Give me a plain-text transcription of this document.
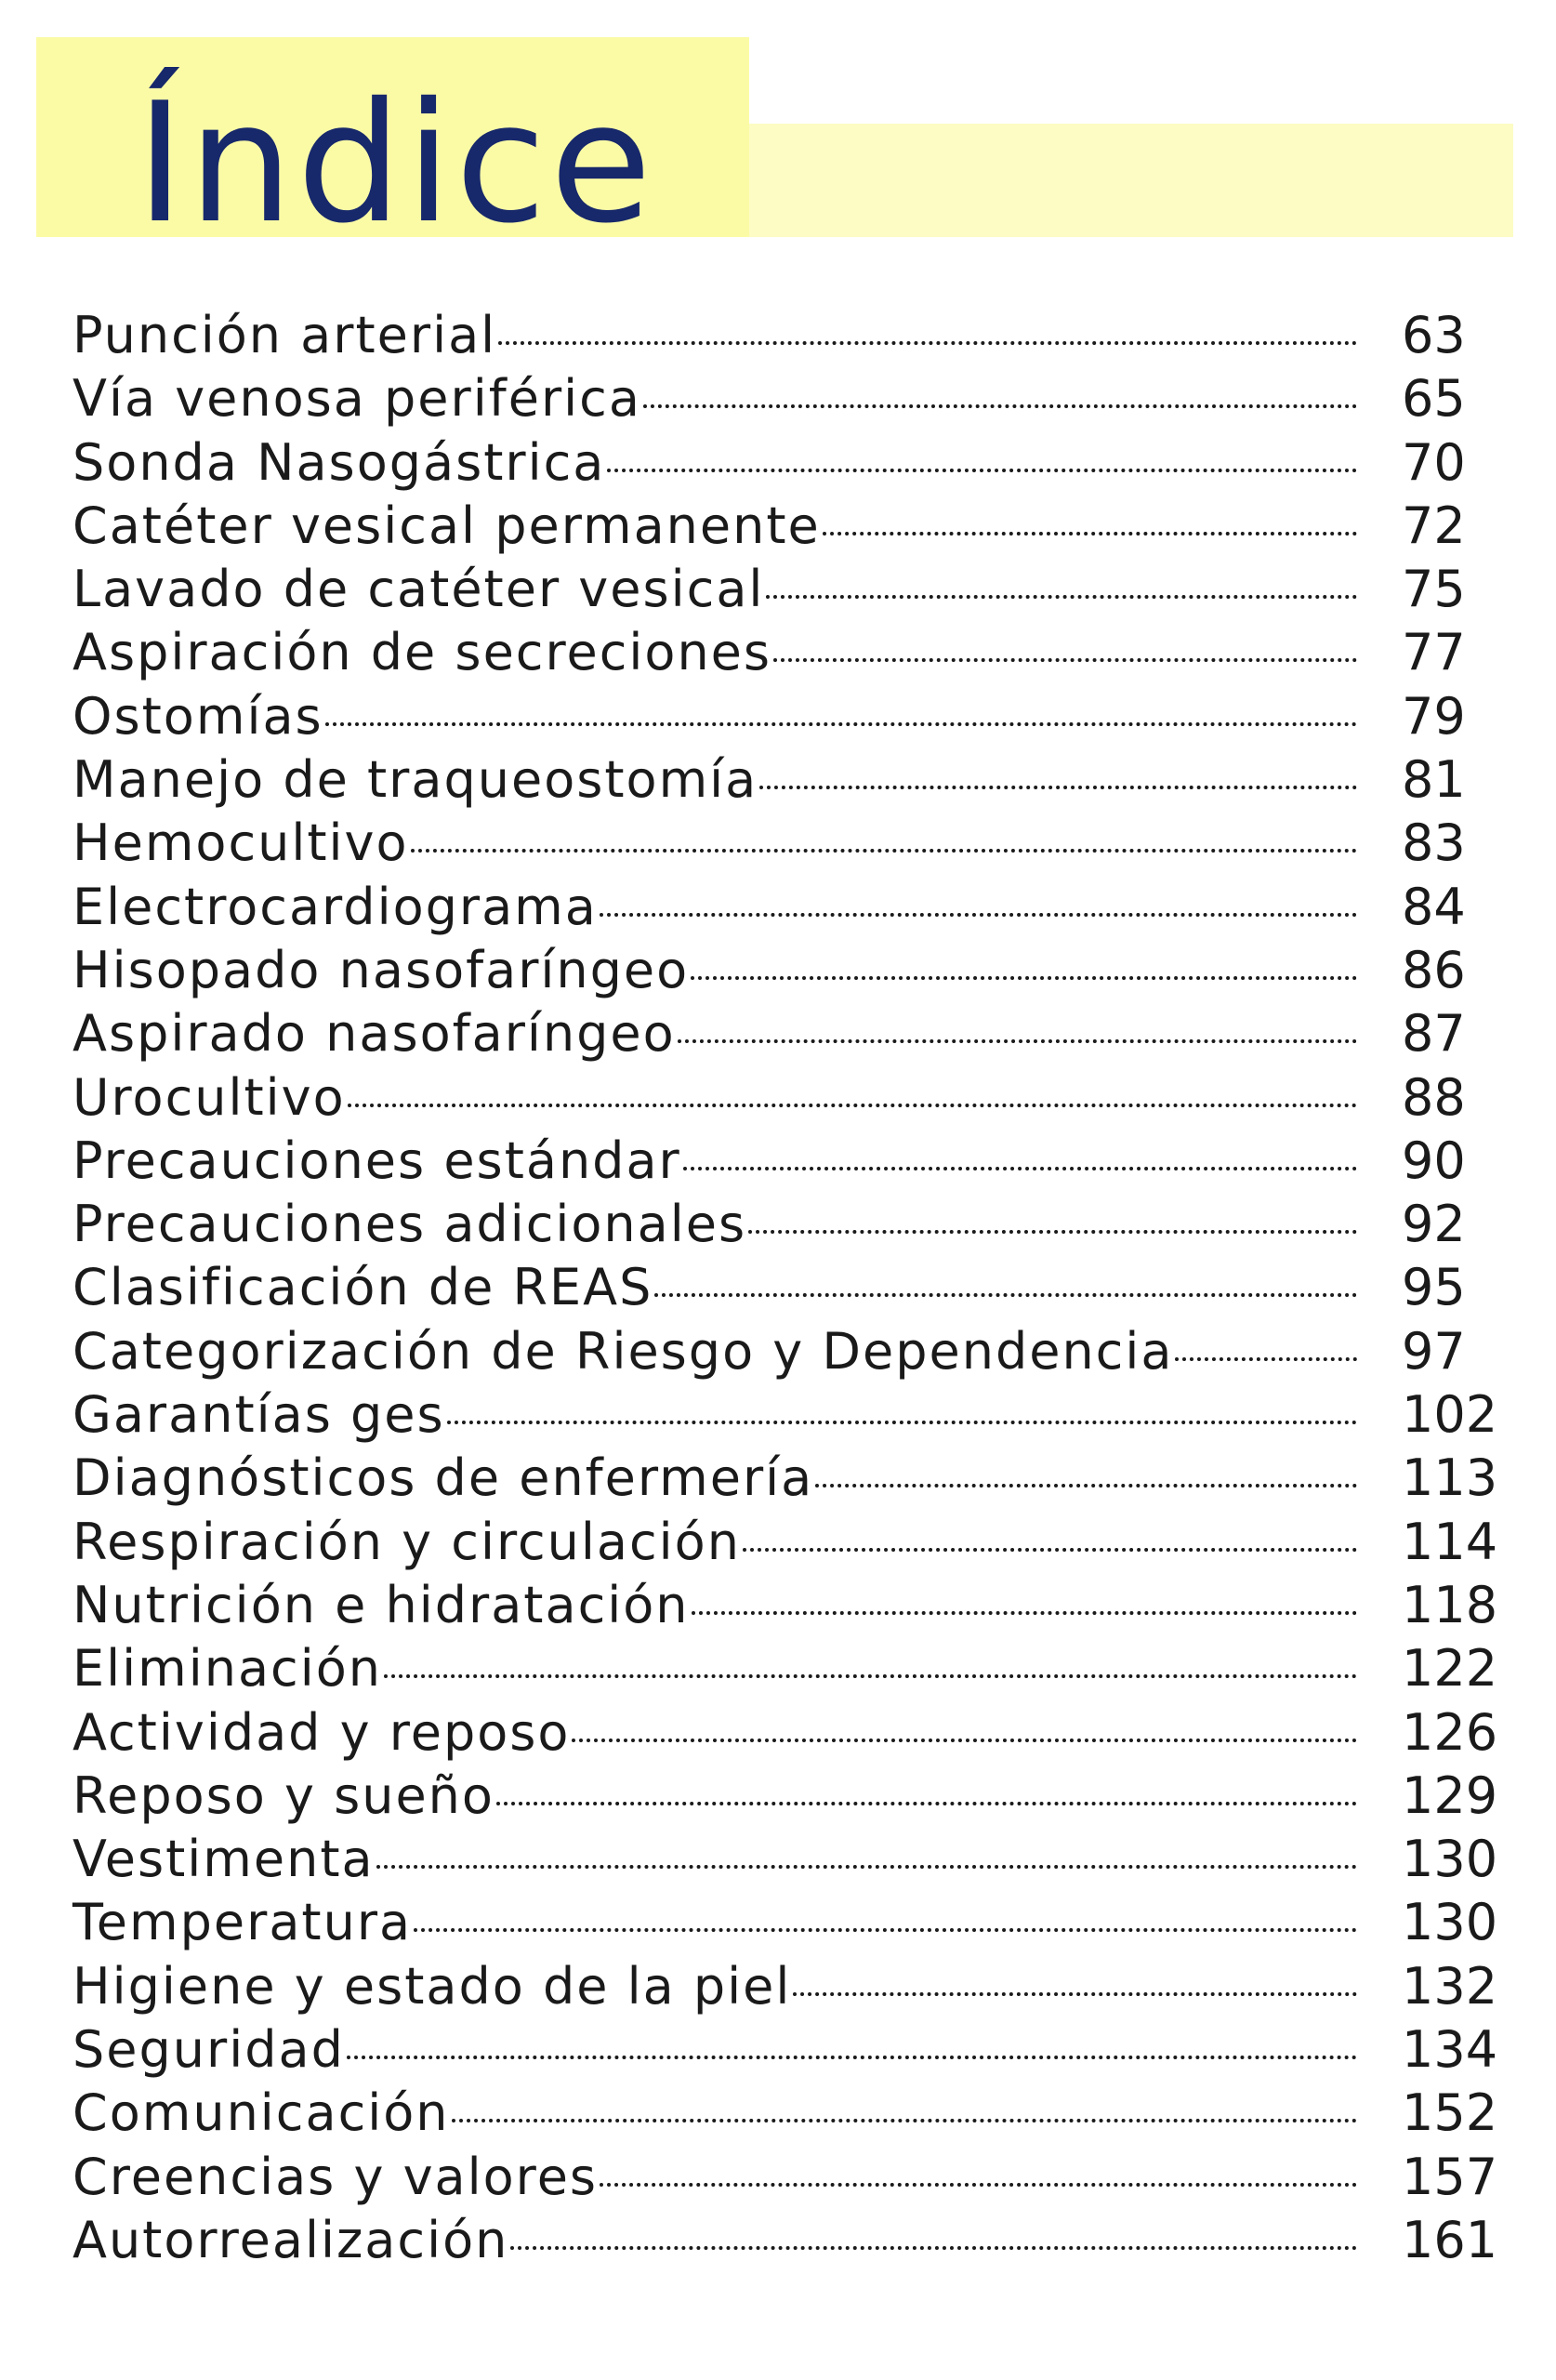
Índice
Punción arterial	63
Vía venosa periférica	65
Sonda Nasogástrica	70
Catéter vesical permanente	72
Lavado de catéter vesical	75
Aspiración de secreciones	77
Ostomías	79
Manejo de traqueostomía	81
Hemocultivo	83
Electrocardiograma	84
Hisopado nasofaríngeo	86
Aspirado nasofaríngeo	87
Urocultivo	88
Precauciones estándar	90
Precauciones adicionales	92
Clasificación de REAS	95
Categorización de Riesgo y Dependencia	97
Garantías ges	102
Diagnósticos de enfermería	113
Respiración y circulación	114
Nutrición e hidratación	118
Eliminación	122
Actividad y reposo	126
Reposo y sueño	129
Vestimenta	130
Temperatura	130
Higiene y estado de la piel	132
Seguridad	134
Comunicación	152
Creencias y valores	157
Autorrealización	161
